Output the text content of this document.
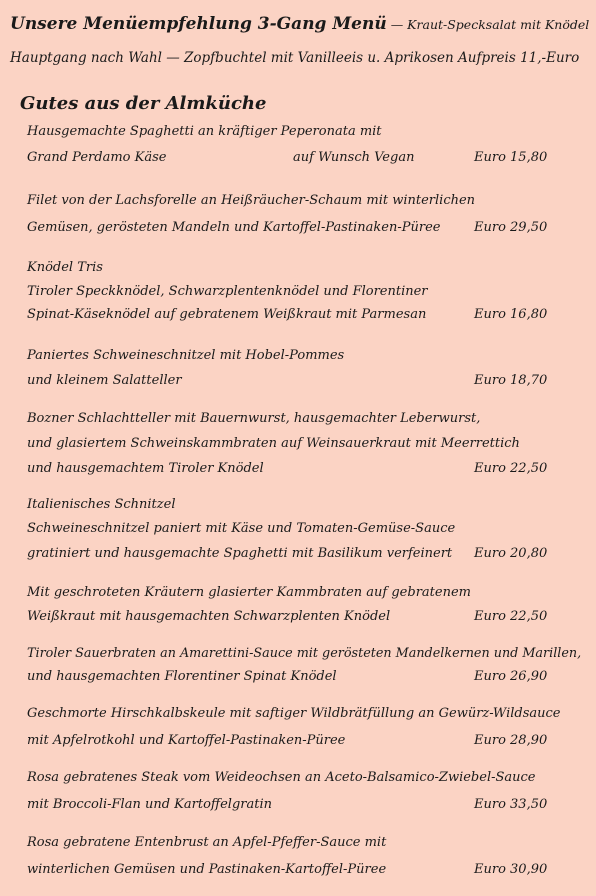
Unsere Menüempfehlung 3-Gang Menü — Kraut-Specksalat mit Knödel
Hauptgang nach Wahl — Zopfbuchtel mit Vanilleeis u. Aprikosen Aufpreis 11,-Euro
Gutes aus der Almküche
Hausgemachte Spaghetti an kräftiger Peperonata mit
Grand Perdamo Käse	auf Wunsch Vegan	Euro 15,80
Filet von der Lachsforelle an Heißräucher-Schaum mit winterlichen
Gemüsen, gerösteten Mandeln und Kartoffel-Pastinaken-Püree	Euro 29,50
Knödel Tris
Tiroler Speckknödel, Schwarzplentenknödel und Florentiner
Spinat-Käseknödel auf gebratenem Weißkraut mit Parmesan	Euro 16,80
Paniertes Schweineschnitzel mit Hobel-Pommes
und kleinem Salatteller	Euro 18,70
Bozner Schlachtteller mit Bauernwurst, hausgemachter Leberwurst,
und glasiertem Schweinskammbraten auf Weinsauerkraut mit Meerrettich
und hausgemachtem Tiroler Knödel	Euro 22,50
Italienisches Schnitzel
Schweineschnitzel paniert mit Käse und Tomaten-Gemüse-Sauce
gratiniert und hausgemachte Spaghetti mit Basilikum verfeinert Euro 20,80
Mit geschroteten Kräutern glasierter Kammbraten auf gebratenem
Weißkraut mit hausgemachten Schwarzplenten Knödel	Euro 22,50
Tiroler Sauerbraten an Amarettini-Sauce mit gerösteten Mandelkernen und Marillen,
und hausgemachten Florentiner Spinat Knödel	Euro 26,90
Geschmorte Hirschkalbskeule mit saftiger Wildbrätfüllung an Gewürz-Wildsauce
mit Apfelrotkohl und Kartoffel-Pastinaken-Püree	Euro 28,90
Rosa gebratenes Steak vom Weideochsen an Aceto-Balsamico-Zwiebel-Sauce
mit Broccoli-Flan und Kartoffelgratin	Euro 33,50
Rosa gebratene Entenbrust an Apfel-Pfeffer-Sauce mit
winterlichen Gemüsen und Pastinaken-Kartoffel-Püree	Euro 30,90
